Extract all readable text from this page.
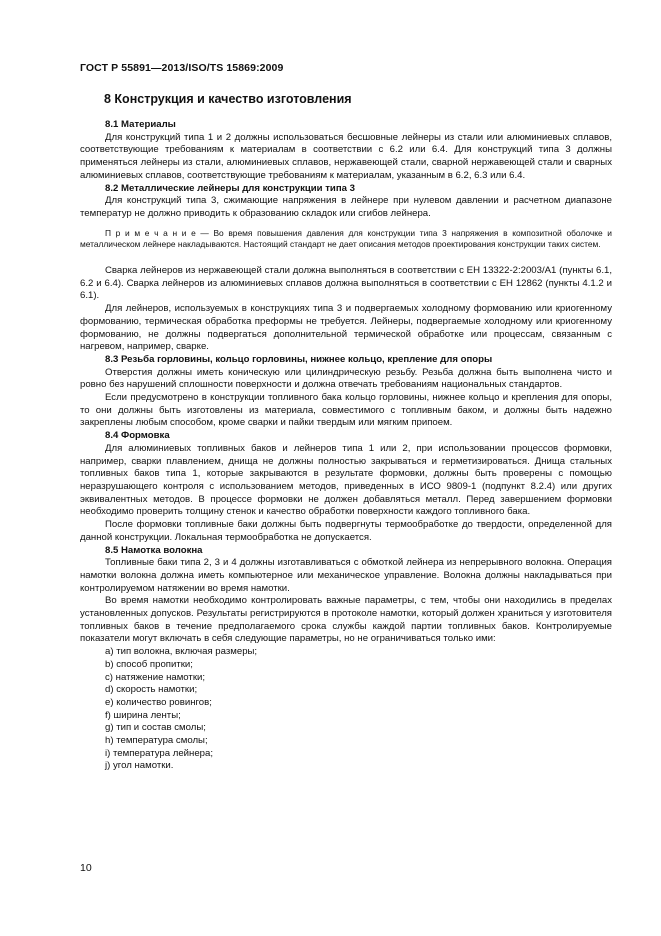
ГОСТ Р 55891—2013/ISO/TS 15869:2009
8 Конструкция и качество изготовления

8.1 Материалы

Для конструкций типа 1 и 2 должны использоваться бесшовные лейнеры из стали или алюминиевых сплавов, соответствующие требованиям к материалам в соответствии с 6.2 или 6.4. Для конструкций типа 3 должны применяться лейнеры из стали, алюминиевых сплавов, нержавеющей стали, сварной нержавеющей стали и сварных алюминиевых сплавов, соответствующие требованиям к материалам, указанным в 6.2, 6.3 или 6.4.

8.2 Металлические лейнеры для конструкции типа 3

Для конструкций типа 3, сжимающие напряжения в лейнере при нулевом давлении и расчетном диапазоне температур не должно приводить к образованию складок или сгибов лейнера.

П р и м е ч а н и е — Во время повышения давления для конструкции типа 3 напряжения в композитной оболочке и металлическом лейнере накладываются. Настоящий стандарт не дает описания методов проектирования конструкции таких систем.

Сварка лейнеров из нержавеющей стали должна выполняться в соответствии с ЕН 13322-2:2003/А1 (пункты 6.1, 6.2 и 6.4). Сварка лейнеров из алюминиевых сплавов должна выполняться в соответствии с ЕН 12862 (пункты 4.1.2 и 6.1).

Для лейнеров, используемых в конструкциях типа 3 и подвергаемых холодному формованию или криогенному формованию, термическая обработка преформы не требуется. Лейнеры, подвергаемые холодному или криогенному формованию, не должны подвергаться дополнительной термической обработке или процессам, связанным с нагревом, например, сварке.

8.3 Резьба горловины, кольцо горловины, нижнее кольцо, крепление для опоры

Отверстия должны иметь коническую или цилиндрическую резьбу. Резьба должна быть выполнена чисто и ровно без нарушений сплошности поверхности и должна отвечать требованиям национальных стандартов.

Если предусмотрено в конструкции топливного бака кольцо горловины, нижнее кольцо и крепления для опоры, то они должны быть изготовлены из материала, совместимого с топливным баком, и должны быть надежно закреплены любым способом, кроме сварки и пайки твердым или мягким припоем.

8.4 Формовка

Для алюминиевых топливных баков и лейнеров типа 1 или 2, при использовании процессов формовки, например, сварки плавлением, днища не должны полностью закрываться и герметизироваться. Днища стальных топливных баков типа 1, которые закрываются в результате формовки, должны быть проверены с помощью неразрушающего контроля с использованием методов, приведенных в ИСО 9809-1 (подпункт 8.2.4) или других эквивалентных методов. В процессе формовки не должен добавляться металл. Перед завершением формовки необходимо проверить толщину стенок и качество обработки поверхности каждого топливного бака.

После формовки топливные баки должны быть подвергнуты термообработке до твердости, определенной для данной конструкции. Локальная термообработка не допускается.

8.5 Намотка волокна

Топливные баки типа 2, 3 и 4 должны изготавливаться с обмоткой лейнера из непрерывного волокна. Операция намотки волокна должна иметь компьютерное или механическое управление. Волокна должны накладываться при контролируемом натяжении во время намотки.

Во время намотки необходимо контролировать важные параметры, с тем, чтобы они находились в пределах установленных допусков. Результаты регистрируются в протоколе намотки, который должен храниться у изготовителя топливных баков в течение предполагаемого срока службы каждой партии топливных баков. Контролируемые показатели могут включать в себя следующие параметры, но не ограничиваться только ими:

a) тип волокна, включая размеры;

b) способ пропитки;

c) натяжение намотки;

d) скорость намотки;

e) количество ровингов;

f) ширина ленты;

g) тип и состав смолы;

h) температура смолы;

i) температура лейнера;

j) угол намотки.

10
